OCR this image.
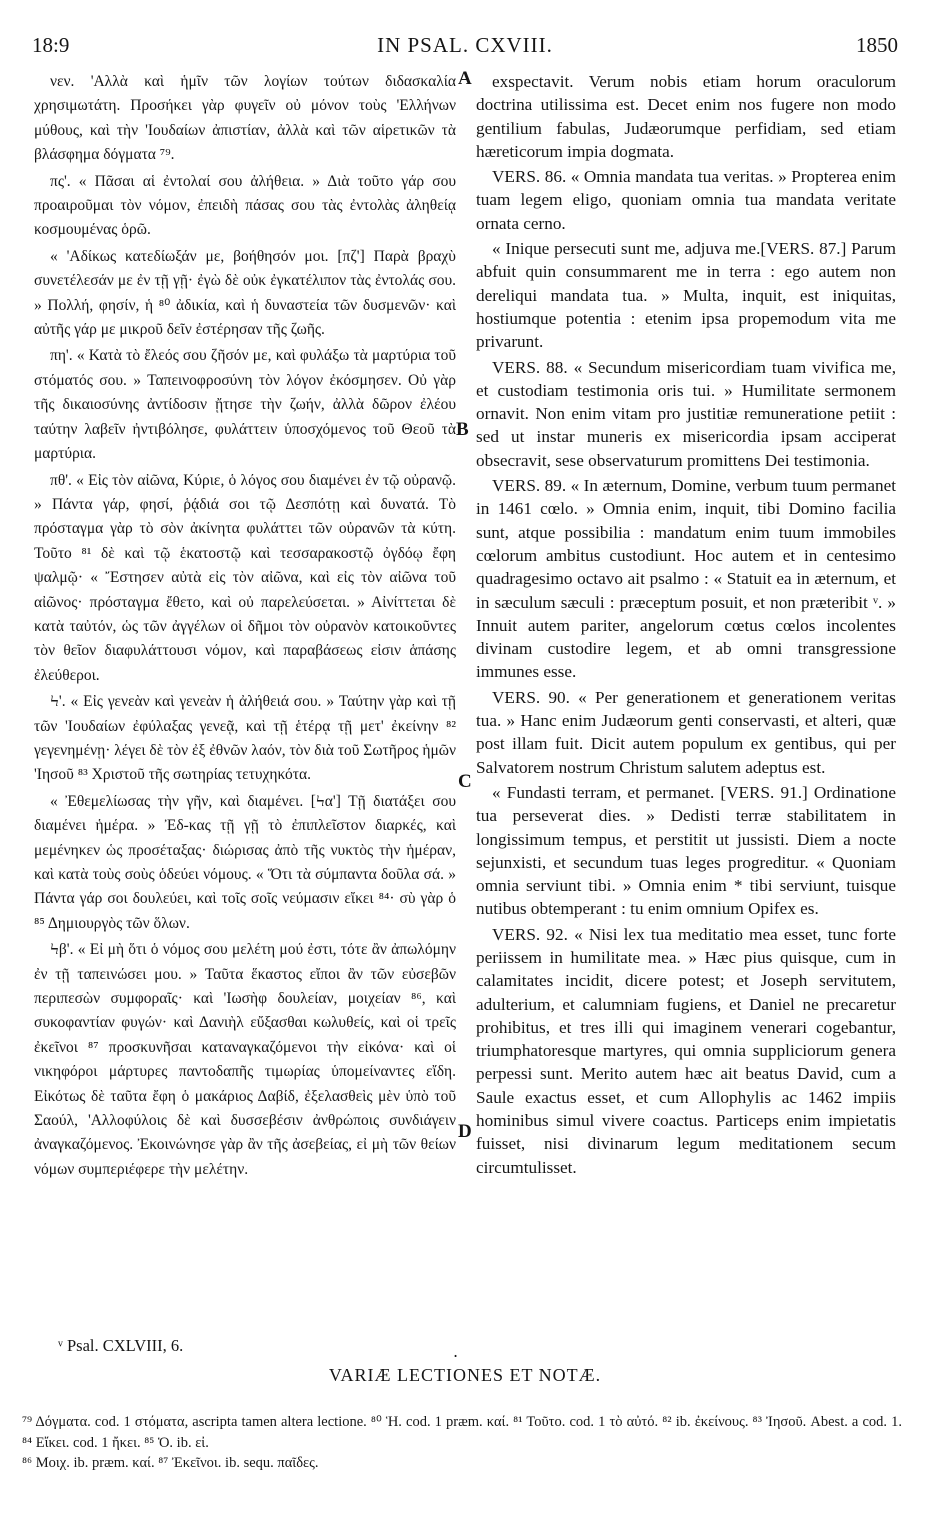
18:9	IN PSAL. CXVIII.	1850

νεν. 'Αλλὰ καὶ ἡμῖν τῶν λογίων τούτων διδασκαλία χρησιμωτάτη. Προσήκει γὰρ φυγεῖν οὐ μόνον τοὺς 'Ελλήνων μύθους, καὶ τὴν 'Ιουδαίων ἀπιστίαν, ἀλλὰ καὶ τῶν αἱρετικῶν τὰ βλάσφημα δόγματα ⁷⁹.

πς'. « Πᾶσαι αἱ ἐντολαί σου ἀλήθεια. » Διὰ τοῦτο γάρ σου προαιροῦμαι τὸν νόμον, ἐπειδὴ πάσας σου τὰς ἐντολὰς ἀληθείᾳ κοσμουμένας ὁρῶ.

« 'Αδίκως κατεδίωξάν με, βοήθησόν μοι. [πζ'] Παρὰ βραχὺ συνετέλεσάν με ἐν τῇ γῇ· ἐγὼ δὲ οὐκ ἐγκατέλιπον τὰς ἐντολάς σου. » Πολλή, φησίν, ἡ ⁸⁰ ἀδικία, καὶ ἡ δυναστεία τῶν δυσμενῶν· καὶ αὐτῆς γάρ με μικροῦ δεῖν ἐστέρησαν τῆς ζωῆς.

πη'. « Κατὰ τὸ ἔλεός σου ζῆσόν με, καὶ φυλάξω τὰ μαρτύρια τοῦ στόματός σου. » Ταπεινοφροσύνη τὸν λόγον ἐκόσμησεν. Οὐ γὰρ τῆς δικαιοσύνης ἀντίδοσιν ᾔτησε τὴν ζωήν, ἀλλὰ δῶρον ἐλέου ταύτην λαβεῖν ἠντιβόλησε, φυλάττειν ὑποσχόμενος τοῦ Θεοῦ τὰ μαρτύρια.

πθ'. « Εἰς τὸν αἰῶνα, Κύριε, ὁ λόγος σου διαμένει ἐν τῷ οὐρανῷ. » Πάντα γάρ, φησί, ῥᾴδιά σοι τῷ Δεσπότῃ καὶ δυνατά. Τὸ πρόσταγμα γὰρ τὸ σὸν ἀκίνητα φυλάττει τῶν οὐρανῶν τὰ κύτη. Τοῦτο ⁸¹ δὲ καὶ τῷ ἑκατοστῷ καὶ τεσσαρακοστῷ ὀγδόῳ ἔφη ψαλμῷ· « Ἔστησεν αὐτὰ εἰς τὸν αἰῶνα, καὶ εἰς τὸν αἰῶνα τοῦ αἰῶνος· πρόσταγμα ἔθετο, καὶ οὐ παρελεύσεται. » Αἰνίττεται δὲ κατὰ ταὐτόν, ὡς τῶν ἀγγέλων οἱ δῆμοι τὸν οὐρανὸν κατοικοῦντες τὸν θεῖον διαφυλάττουσι νόμον, καὶ παραβάσεως εἰσιν ἁπάσης ἐλεύθεροι.

Ϟ'. « Εἰς γενεὰν καὶ γενεὰν ἡ ἀλήθειά σου. » Ταύτην γὰρ καὶ τῇ τῶν 'Ιουδαίων ἐφύλαξας γενεᾷ, καὶ τῇ ἑτέρᾳ τῇ μετ' ἐκείνην ⁸² γεγενημένῃ· λέγει δὲ τὸν ἐξ ἐθνῶν λαόν, τὸν διὰ τοῦ Σωτῆρος ἡμῶν 'Ιησοῦ ⁸³ Χριστοῦ τῆς σωτηρίας τετυχηκότα.

« Ἐθεμελίωσας τὴν γῆν, καὶ διαμένει. [Ϟα'] Τῇ διατάξει σου διαμένει ἡμέρα. » Ἐδ-κας τῇ γῇ τὸ ἐπιπλεῖστον διαρκές, καὶ μεμένηκεν ὡς προσέταξας· διώρισας ἀπὸ τῆς νυκτὸς τὴν ἡμέραν, καὶ κατὰ τοὺς σοὺς ὁδεύει νόμους. « Ὅτι τὰ σύμπαντα δοῦλα σά. » Πάντα γάρ σοι δουλεύει, καὶ τοῖς σοῖς νεύμασιν εἴκει ⁸⁴· σὺ γὰρ ὁ ⁸⁵ Δημιουργὸς τῶν ὅλων.

Ϟβ'. « Εἰ μὴ ὅτι ὁ νόμος σου μελέτη μού ἐστι, τότε ἂν ἀπωλόμην ἐν τῇ ταπεινώσει μου. » Ταῦτα ἕκαστος εἴποι ἂν τῶν εὐσεβῶν περιπεσὼν συμφοραῖς· καὶ 'Ιωσὴφ δουλείαν, μοιχείαν ⁸⁶, καὶ συκοφαντίαν φυγών· καὶ Δανιὴλ εὔξασθαι κωλυθείς, καὶ οἱ τρεῖς ἐκεῖνοι ⁸⁷ προσκυνῆσαι καταναγκαζόμενοι τὴν εἰκόνα· καὶ οἱ νικηφόροι μάρτυρες παντοδαπῆς τιμωρίας ὑπομείναντες εἴδη. Εἰκότως δὲ ταῦτα ἔφη ὁ μακάριος Δαβίδ, ἐξελασθεὶς μὲν ὑπὸ τοῦ Σαούλ, 'Αλλοφύλοις δὲ καὶ δυσσεβέσιν ἀνθρώποις συνδιάγειν ἀναγκαζόμενος. Ἐκοινώνησε γὰρ ἂν τῆς ἀσεβείας, εἰ μὴ τῶν θείων νόμων συμπεριέφερε τὴν μελέτην.

A
B
C
D

exspectavit. Verum nobis etiam horum oraculorum doctrina utilissima est. Decet enim nos fugere non modo gentilium fabulas, Judæorumque perfidiam, sed etiam hæreticorum impia dogmata.

VERS. 86. « Omnia mandata tua veritas. » Propterea enim tuam legem eligo, quoniam omnia tua mandata veritate ornata cerno.

« Inique persecuti sunt me, adjuva me.[VERS. 87.] Parum abfuit quin consummarent me in terra : ego autem non dereliqui mandata tua. » Multa, inquit, est iniquitas, hostiumque potentia : etenim ipsa propemodum vita me privarunt.

VERS. 88. « Secundum misericordiam tuam vivifica me, et custodiam testimonia oris tui. » Humilitate sermonem ornavit. Non enim vitam pro justitiæ remuneratione petiit : sed ut instar muneris ex misericordia ipsam acciperat obsecravit, sese observaturum promittens Dei testimonia.

VERS. 89. « In æternum, Domine, verbum tuum permanet in 1461 cœlo. » Omnia enim, inquit, tibi Domino facilia sunt, atque possibilia : mandatum enim tuum immobiles cœlorum ambitus custodiunt. Hoc autem et in centesimo quadragesimo octavo ait psalmo : « Statuit ea in æternum, et in sæculum sæculi : præceptum posuit, et non præteribit ᵛ. » Innuit autem pariter, angelorum cœtus cœlos incolentes divinam custodire legem, et ab omni transgressione immunes esse.

VERS. 90. « Per generationem et generationem veritas tua. » Hanc enim Judæorum genti conservasti, et alteri, quæ post illam fuit. Dicit autem populum ex gentibus, qui per Salvatorem nostrum Christum salutem adeptus est.

« Fundasti terram, et permanet. [VERS. 91.] Ordinatione tua perseverat dies. » Dedisti terræ stabilitatem in longissimum tempus, et perstitit ut jussisti. Diem a nocte sejunxisti, et secundum tuas leges progreditur. « Quoniam omnia serviunt tibi. » Omnia enim * tibi serviunt, tuisque nutibus obtemperant : tu enim omnium Opifex es.

VERS. 92. « Nisi lex tua meditatio mea esset, tunc forte periissem in humilitate mea. » Hæc pius quisque, cum in calamitates incidit, dicere potest; et Joseph servitutem, adulterium, et calumniam fugiens, et Daniel ne precaretur prohibitus, et tres illi qui imaginem venerari cogebantur, triumphatoresque martyres, qui omnia suppliciorum genera perpessi sunt. Merito autem hæc ait beatus David, cum a Saule exactus esset, et cum Allophylis ac 1462 impiis hominibus simul vivere coactus. Particeps enim impietatis fuisset, nisi divinarum legum meditationem secum circumtulisset.

ᵛ Psal. CXLVIII, 6.	.
VARIÆ LECTIONES ET NOTÆ.

⁷⁹ Δόγματα. cod. 1 στόματα, ascripta tamen altera lectione. ⁸⁰ Ἡ. cod. 1 præm. καί. ⁸¹ Τοῦτο. cod. 1 τὸ αὐτό. ⁸² ib. ἐκείνους. ⁸³ Ἰησοῦ. Abest. a cod. 1. ⁸⁴ Εἴκει. cod. 1 ἤκει. ⁸⁵ Ὁ. ib. εἰ.

⁸⁶ Μοιχ. ib. præm. καί. ⁸⁷ Ἐκεῖνοι. ib. sequ. παῖδες.
